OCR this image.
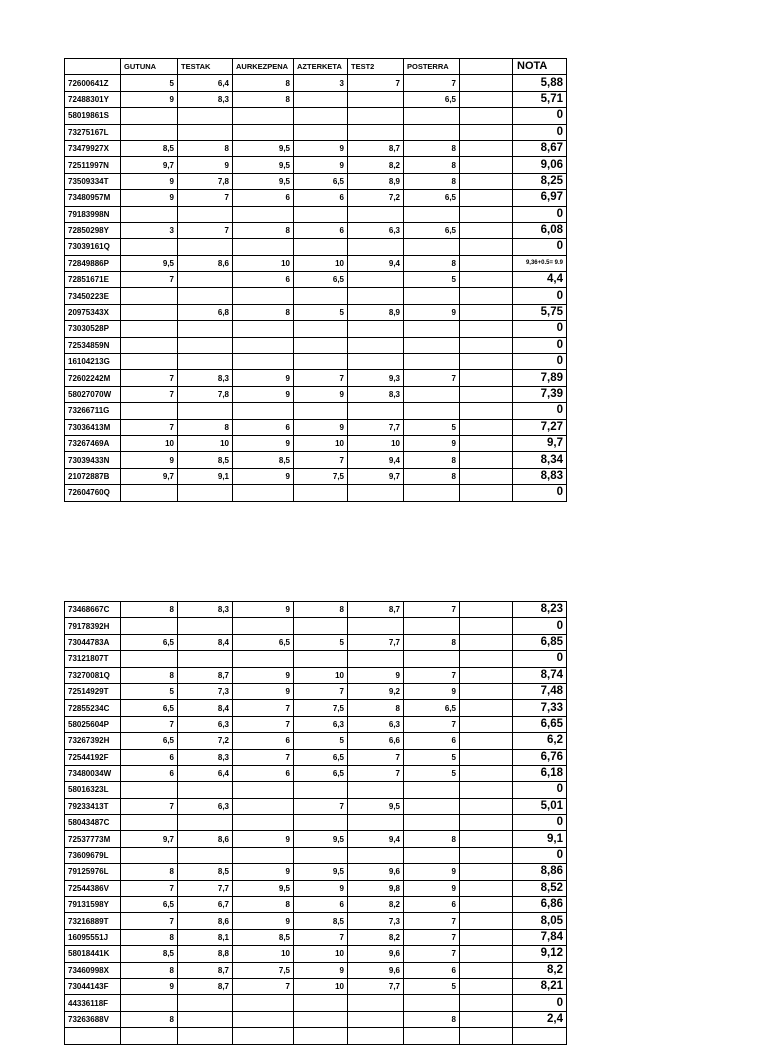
	GUTUNA	TESTAK	AURKEZPENA	AZTERKETA	TEST2	POSTERRA		NOTA
72600641Z	5	6,4	8	3	7	7		5,88
72488301Y	9	8,3	8			6,5		5,71
58019861S								0
73275167L								0
73479927X	8,5	8	9,5	9	8,7	8		8,67
72511997N	9,7	9	9,5	9	8,2	8		9,06
73509334T	9	7,8	9,5	6,5	8,9	8		8,25
73480957M	9	7	6	6	7,2	6,5		6,97
79183998N								0
72850298Y	3	7	8	6	6,3	6,5		6,08
73039161Q								0
72849886P	9,5	8,6	10	10	9,4	8		9,36+0.5= 9.9
72851671E	7		6	6,5		5		4,4
73450223E								0
20975343X		6,8	8	5	8,9	9		5,75
73030528P								0
72534859N								0
16104213G								0
72602242M	7	8,3	9	7	9,3	7		7,89
58027070W	7	7,8	9	9	8,3			7,39
73266711G								0
73036413M	7	8	6	9	7,7	5		7,27
73267469A	10	10	9	10	10	9		9,7
73039433N	9	8,5	8,5	7	9,4	8		8,34
21072887B	9,7	9,1	9	7,5	9,7	8		8,83
72604760Q								0
73468667C	8	8,3	9	8	8,7	7		8,23
79178392H								0
73044783A	6,5	8,4	6,5	5	7,7	8		6,85
73121807T								0
73270081Q	8	8,7	9	10	9	7		8,74
72514929T	5	7,3	9	7	9,2	9		7,48
72855234C	6,5	8,4	7	7,5	8	6,5		7,33
58025604P	7	6,3	7	6,3	6,3	7		6,65
73267392H	6,5	7,2	6	5	6,6	6		6,2
72544192F	6	8,3	7	6,5	7	5		6,76
73480034W	6	6,4	6	6,5	7	5		6,18
58016323L								0
79233413T	7	6,3		7	9,5			5,01
58043487C								0
72537773M	9,7	8,6	9	9,5	9,4	8		9,1
73609679L								0
79125976L	8	8,5	9	9,5	9,6	9		8,86
72544386V	7	7,7	9,5	9	9,8	9		8,52
79131598Y	6,5	6,7	8	6	8,2	6		6,86
73216889T	7	8,6	9	8,5	7,3	7		8,05
16095551J	8	8,1	8,5	7	8,2	7		7,84
58018441K	8,5	8,8	10	10	9,6	7		9,12
73460998X	8	8,7	7,5	9	9,6	6		8,2
73044143F	9	8,7	7	10	7,7	5		8,21
44336118F								0
73263688V	8					8		2,4
